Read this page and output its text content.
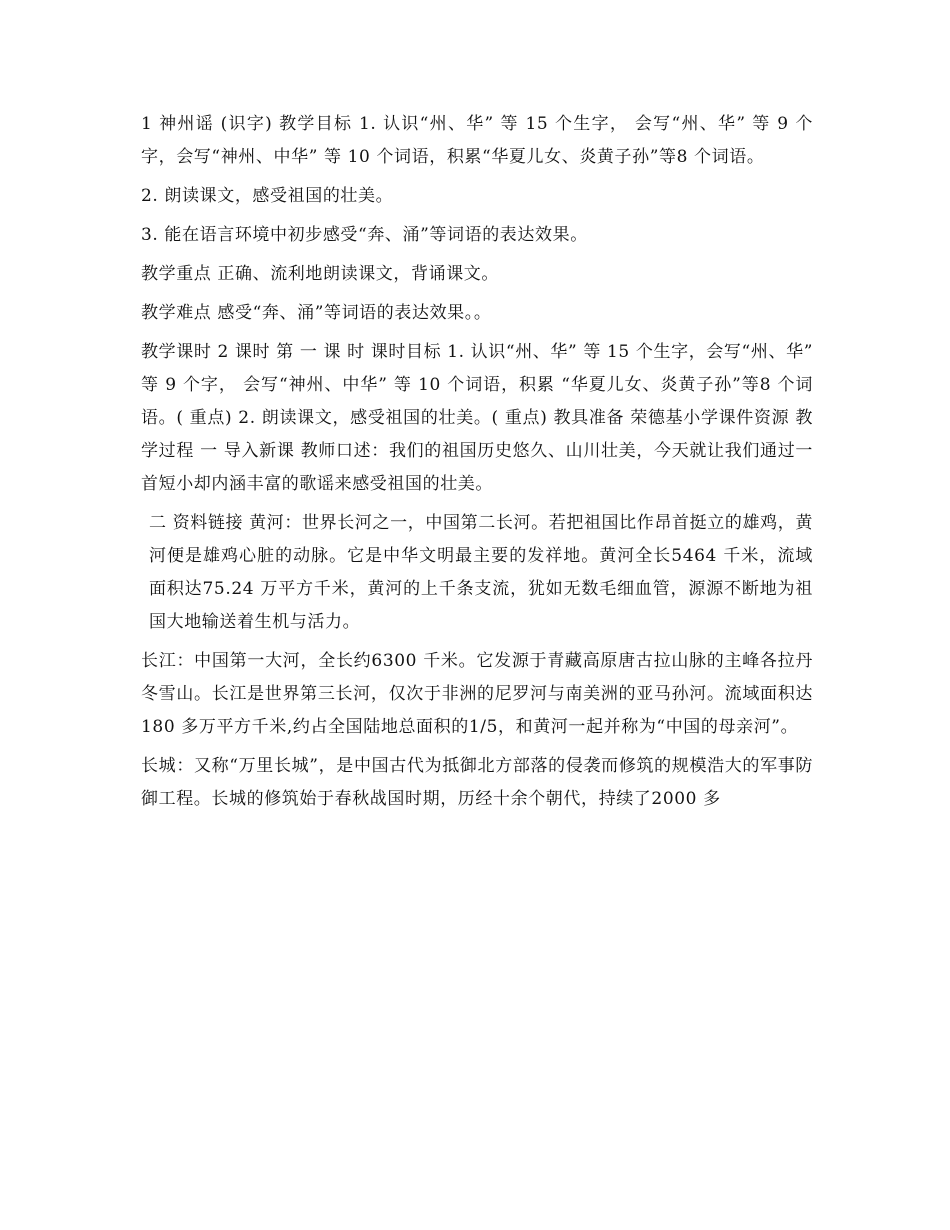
1 神州谣 (识字) 教学目标 1. 认识“州、华” 等 15 个生字， 会写“州、华” 等 9 个字，会写“神州、中华” 等 10 个词语，积累“华夏儿女、炎黄子孙”等8 个词语。

2. 朗读课文，感受祖国的壮美。

3. 能在语言环境中初步感受“奔、涌”等词语的表达效果。

教学重点 正确、流利地朗读课文，背诵课文。

教学难点 感受“奔、涌”等词语的表达效果。。

教学课时 2 课时 第 一 课 时 课时目标 1. 认识“州、华” 等 15 个生字，会写“州、华” 等 9 个字， 会写“神州、中华” 等 10 个词语，积累 “华夏儿女、炎黄子孙”等8 个词语。( 重点) 2. 朗读课文，感受祖国的壮美。( 重点) 教具准备 荣德基小学课件资源 教学过程 一 导入新课 教师口述：我们的祖国历史悠久、山川壮美，今天就让我们通过一首短小却内涵丰富的歌谣来感受祖国的壮美。

二 资料链接 黄河：世界长河之一，中国第二长河。若把祖国比作昂首挺立的雄鸡，黄河便是雄鸡心脏的动脉。它是中华文明最主要的发祥地。黄河全长5464 千米，流域面积达75.24 万平方千米，黄河的上千条支流，犹如无数毛细血管，源源不断地为祖国大地输送着生机与活力。

长江：中国第一大河，全长约6300 千米。它发源于青藏高原唐古拉山脉的主峰各拉丹冬雪山。长江是世界第三长河，仅次于非洲的尼罗河与南美洲的亚马孙河。流域面积达180 多万平方千米,约占全国陆地总面积的1/5，和黄河一起并称为“中国的母亲河”。

长城：又称“万里长城”，是中国古代为抵御北方部落的侵袭而修筑的规模浩大的军事防御工程。长城的修筑始于春秋战国时期，历经十余个朝代，持续了2000 多
